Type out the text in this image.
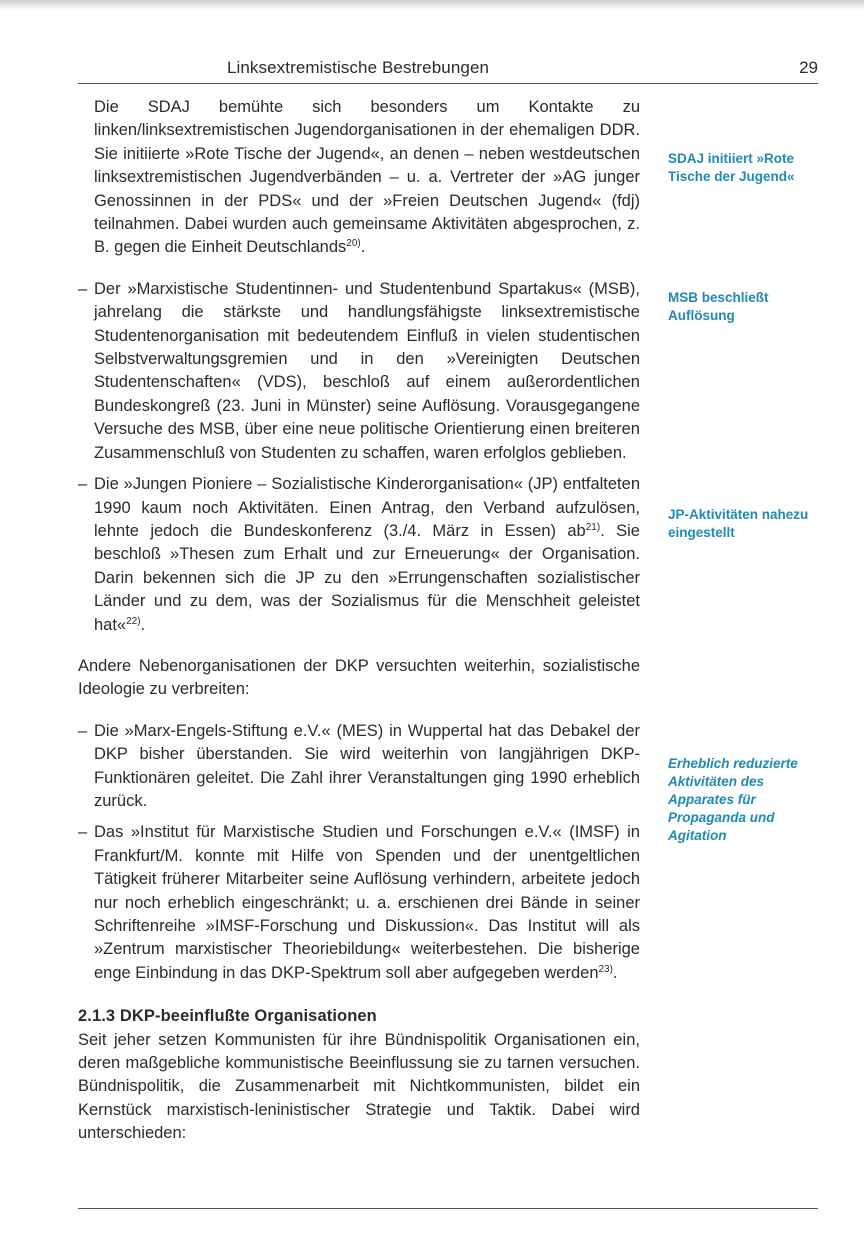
Linksextremistische Bestrebungen	29

Die SDAJ bemühte sich besonders um Kontakte zu linken/linksextremistischen Jugendorganisationen in der ehemaligen DDR. Sie initiierte »Rote Tische der Jugend«, an denen – neben westdeutschen linksextremistischen Jugendverbänden – u. a. Vertreter der »AG junger Genossinnen in der PDS« und der »Freien Deutschen Jugend« (fdj) teilnahmen. Dabei wurden auch gemeinsame Aktivitäten abgesprochen, z. B. gegen die Einheit Deutschlands$^{20)}$.

– Der »Marxistische Studentinnen- und Studentenbund Spartakus« (MSB), jahrelang die stärkste und handlungsfähigste linksextremistische Studentenorganisation mit bedeutendem Einfluß in vielen studentischen Selbstverwaltungsgremien und in den »Vereinigten Deutschen Studentenschaften« (VDS), beschloß auf einem außerordentlichen Bundeskongreß (23. Juni in Münster) seine Auflösung. Vorausgegangene Versuche des MSB, über eine neue politische Orientierung einen breiteren Zusammenschluß von Studenten zu schaffen, waren erfolglos geblieben.

– Die »Jungen Pioniere – Sozialistische Kinderorganisation« (JP) entfalteten 1990 kaum noch Aktivitäten. Einen Antrag, den Verband aufzulösen, lehnte jedoch die Bundeskonferenz (3./4. März in Essen) $ab^{21)}$. Sie beschloß »Thesen zum Erhalt und zur Erneuerung« der Organisation. Darin bekennen sich die JP zu den »Errungenschaften sozialistischer Länder und zu dem, was der Sozialismus für die Menschheit geleistet hat«$^{22)}$.

Andere Nebenorganisationen der DKP versuchten weiterhin, sozialistische Ideologie zu verbreiten:

– Die »Marx-Engels-Stiftung e.V.« (MES) in Wuppertal hat das Debakel der DKP bisher überstanden. Sie wird weiterhin von langjährigen DKP-Funktionären geleitet. Die Zahl ihrer Veranstaltungen ging 1990 erheblich zurück.

– Das »Institut für Marxistische Studien und Forschungen e.V.« (IMSF) in Frankfurt/M. konnte mit Hilfe von Spenden und der unentgeltlichen Tätigkeit früherer Mitarbeiter seine Auflösung verhindern, arbeitete jedoch nur noch erheblich eingeschränkt; u. a. erschienen drei Bände in seiner Schriftenreihe »IMSF-Forschung und Diskussion«. Das Institut will als »Zentrum marxistischer Theoriebildung« weiterbestehen. Die bisherige enge Einbindung in das DKP-Spektrum soll aber aufgegeben werden$^{23)}$.

2.1.3 DKP-beeinflußte Organisationen

Seit jeher setzen Kommunisten für ihre Bündnispolitik Organisationen ein, deren maßgebliche kommunistische Beeinflussung sie zu tarnen versuchen. Bündnispolitik, die Zusammenarbeit mit Nichtkommunisten, bildet ein Kernstück marxistisch-leninistischer Strategie und Taktik. Dabei wird unterschieden:

SDAJ initiiert »Rote Tische der Jugend«
MSB beschließt Auflösung
JP-Aktivitäten nahezu eingestellt
Erheblich reduzierte Aktivitäten des Apparates für Propaganda und Agitation
